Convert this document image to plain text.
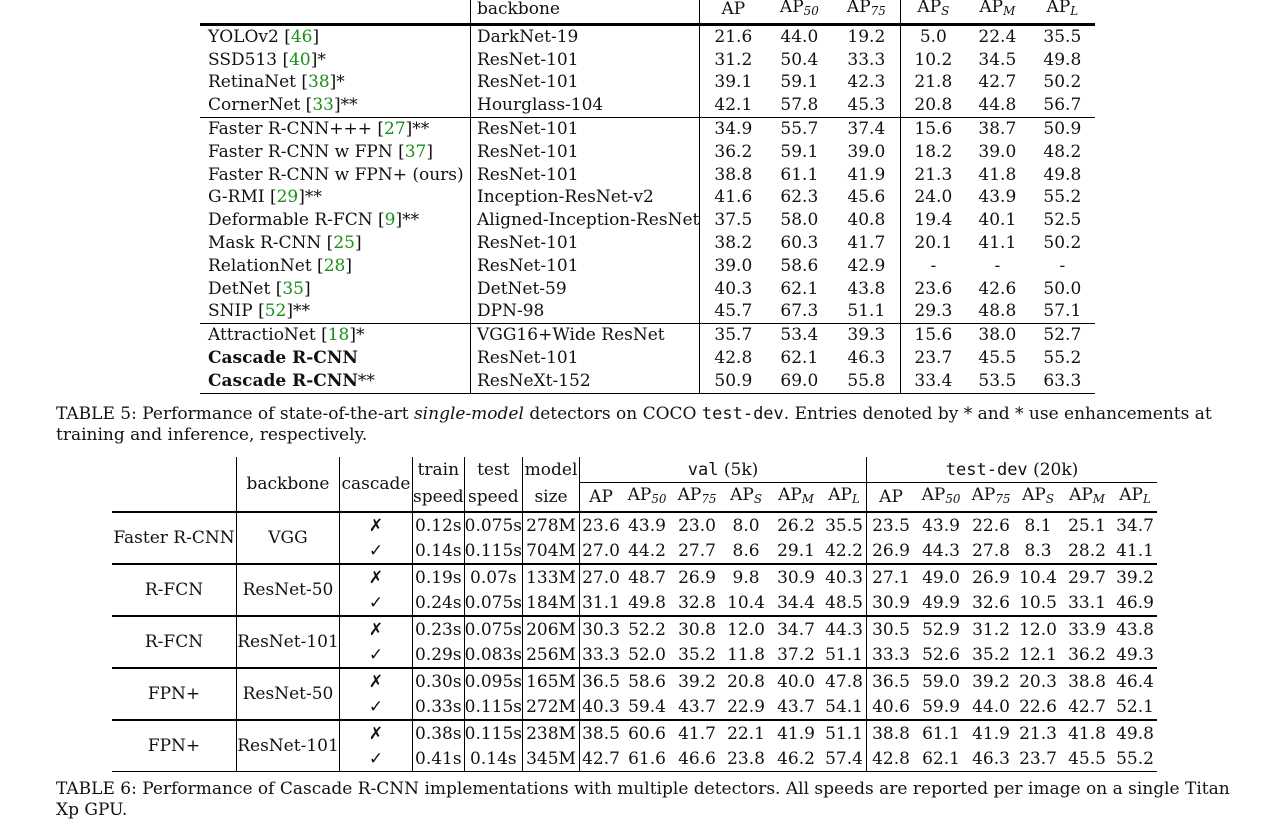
	backbone	AP	$AP_{50}$	$AP_{75}$	$AP_S$	$AP_M$	$AP_L$
YOLOv2 [46]	DarkNet-19	21.6	44.0	19.2	5.0	22.4	35.5
SSD513 [40]*	ResNet-101	31.2	50.4	33.3	10.2	34.5	49.8
RetinaNet [38]*	ResNet-101	39.1	59.1	42.3	21.8	42.7	50.2
CornerNet [33]**	Hourglass-104	42.1	57.8	45.3	20.8	44.8	56.7
Faster R-CNN+++ [27]**	ResNet-101	34.9	55.7	37.4	15.6	38.7	50.9
Faster R-CNN w FPN [37]	ResNet-101	36.2	59.1	39.0	18.2	39.0	48.2
Faster R-CNN w FPN+ (ours)	ResNet-101	38.8	61.1	41.9	21.3	41.8	49.8
G-RMI [29]**	Inception-ResNet-v2	41.6	62.3	45.6	24.0	43.9	55.2
Deformable R-FCN [9]**	Aligned-Inception-ResNet	37.5	58.0	40.8	19.4	40.1	52.5
Mask R-CNN [25]	ResNet-101	38.2	60.3	41.7	20.1	41.1	50.2
RelationNet [28]	ResNet-101	39.0	58.6	42.9	-	-	-
DetNet [35]	DetNet-59	40.3	62.1	43.8	23.6	42.6	50.0
SNIP [52]**	DPN-98	45.7	67.3	51.1	29.3	48.8	57.1
AttractioNet [18]*	VGG16+Wide ResNet	35.7	53.4	39.3	15.6	38.0	52.7
Cascade R-CNN	ResNet-101	42.8	62.1	46.3	23.7	45.5	55.2
Cascade R-CNN**	ResNeXt-152	50.9	69.0	55.8	33.4	53.5	63.3
TABLE 5: Performance of state-of-the-art single-model detectors on COCO test-dev. Entries denoted by * and * use enhancements at training and inference, respectively.
	backbone	cascade	train	test	model	val (5k)						test-dev (20k)					
			speed	speed	size	AP	$AP_{50}$	$AP_{75}$	$AP_S$	$AP_M$	$AP_L$	AP	$AP_{50}$	$AP_{75}$	$AP_S$	$AP_M$	$AP_L$
Faster R-CNN	VGG	✗	0.12s	0.075s	278M	23.6	43.9	23.0	8.0	26.2	35.5	23.5	43.9	22.6	8.1	25.1	34.7
		✓	0.14s	0.115s	704M	27.0	44.2	27.7	8.6	29.1	42.2	26.9	44.3	27.8	8.3	28.2	41.1
R-FCN	ResNet-50	✗	0.19s	0.07s	133M	27.0	48.7	26.9	9.8	30.9	40.3	27.1	49.0	26.9	10.4	29.7	39.2
		✓	0.24s	0.075s	184M	31.1	49.8	32.8	10.4	34.4	48.5	30.9	49.9	32.6	10.5	33.1	46.9
R-FCN	ResNet-101	✗	0.23s	0.075s	206M	30.3	52.2	30.8	12.0	34.7	44.3	30.5	52.9	31.2	12.0	33.9	43.8
		✓	0.29s	0.083s	256M	33.3	52.0	35.2	11.8	37.2	51.1	33.3	52.6	35.2	12.1	36.2	49.3
FPN+	ResNet-50	✗	0.30s	0.095s	165M	36.5	58.6	39.2	20.8	40.0	47.8	36.5	59.0	39.2	20.3	38.8	46.4
		✓	0.33s	0.115s	272M	40.3	59.4	43.7	22.9	43.7	54.1	40.6	59.9	44.0	22.6	42.7	52.1
FPN+	ResNet-101	✗	0.38s	0.115s	238M	38.5	60.6	41.7	22.1	41.9	51.1	38.8	61.1	41.9	21.3	41.8	49.8
		✓	0.41s	0.14s	345M	42.7	61.6	46.6	23.8	46.2	57.4	42.8	62.1	46.3	23.7	45.5	55.2
TABLE 6: Performance of Cascade R-CNN implementations with multiple detectors. All speeds are reported per image on a single Titan Xp GPU.
